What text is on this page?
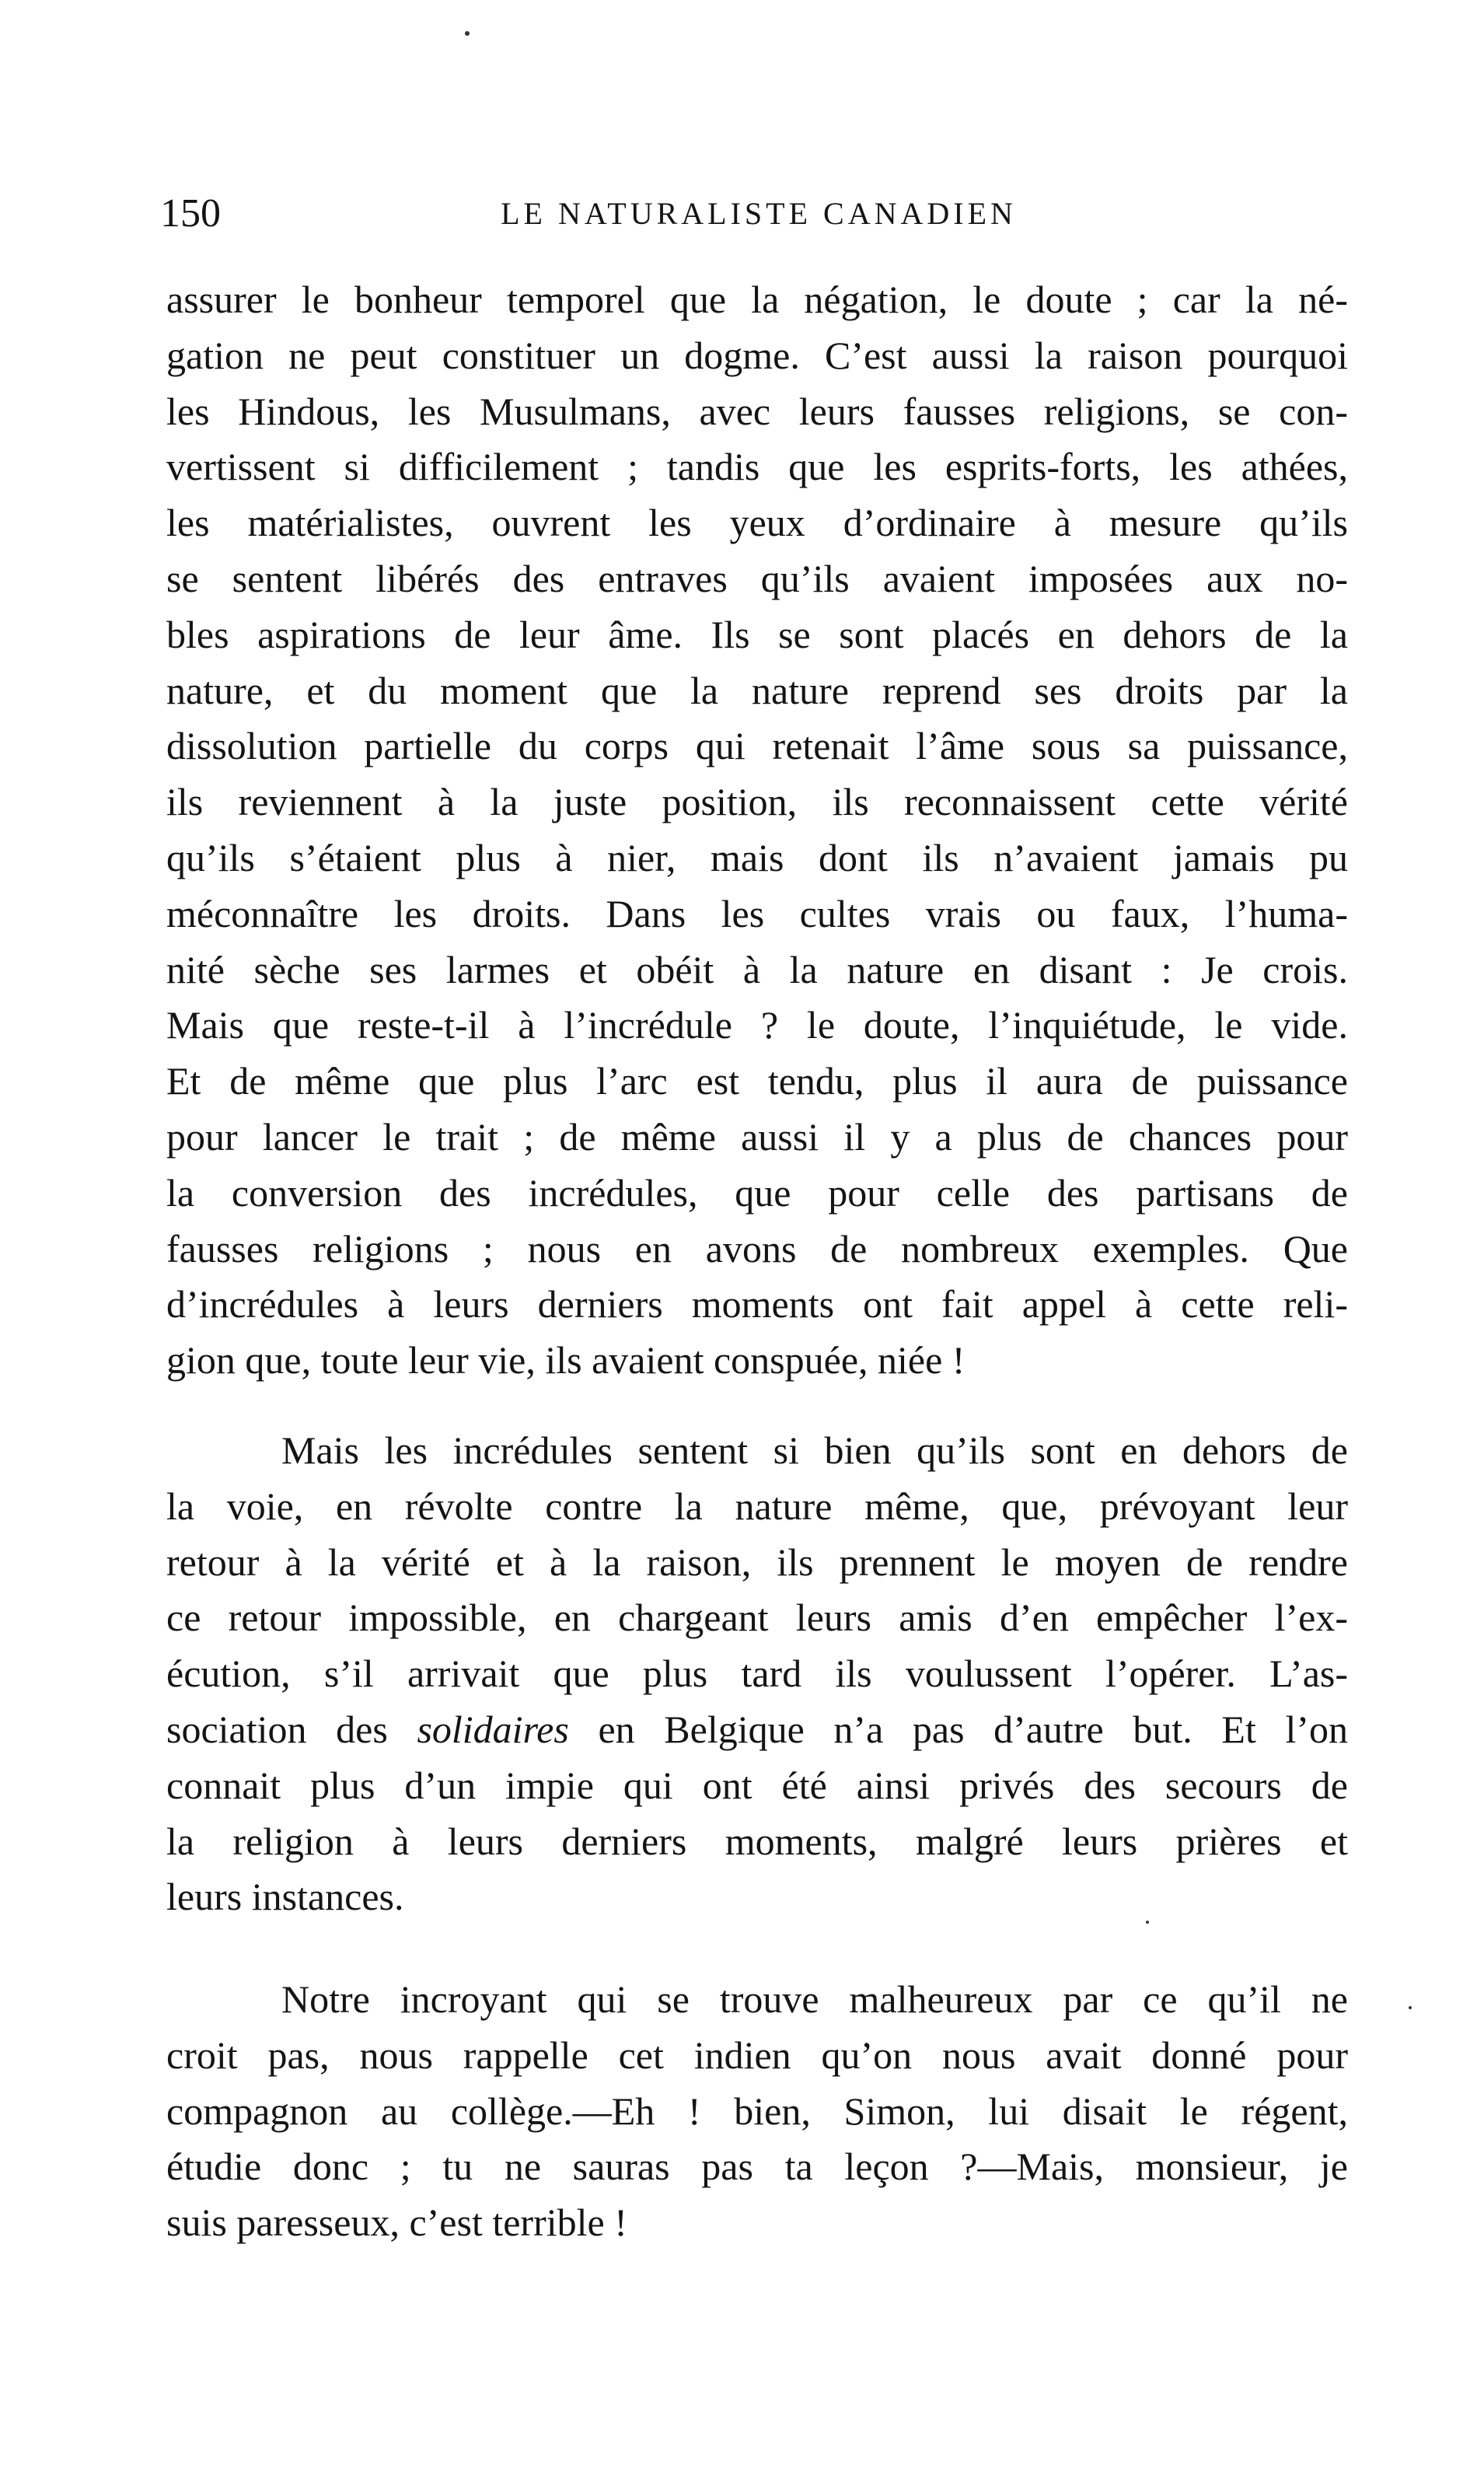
150	LE NATURALISTE CANADIEN
assurer le bonheur temporel que la négation, le doute ; car la né-
gation ne peut constituer un dogme. C’est aussi la raison pourquoi
les Hindous, les Musulmans, avec leurs fausses religions, se con-
vertissent si difficilement ; tandis que les esprits-forts, les athées,
les matérialistes, ouvrent les yeux d’ordinaire à mesure qu’ils
se sentent libérés des entraves qu’ils avaient imposées aux no-
bles aspirations de leur âme. Ils se sont placés en dehors de la
nature, et du moment que la nature reprend ses droits par la
dissolution partielle du corps qui retenait l’âme sous sa puissance,
ils reviennent à la juste position, ils reconnaissent cette vérité
qu’ils s’étaient plus à nier, mais dont ils n’avaient jamais pu
méconnaître les droits. Dans les cultes vrais ou faux, l’huma-
nité sèche ses larmes et obéit à la nature en disant : Je crois.
Mais que reste-t-il à l’incrédule ? le doute, l’inquiétude, le vide.
Et de même que plus l’arc est tendu, plus il aura de puissance
pour lancer le trait ; de même aussi il y a plus de chances pour
la conversion des incrédules, que pour celle des partisans de
fausses religions ; nous en avons de nombreux exemples. Que
d’incrédules à leurs derniers moments ont fait appel à cette reli-
gion que, toute leur vie, ils avaient conspuée, niée !
Mais les incrédules sentent si bien qu’ils sont en dehors de
la voie, en révolte contre la nature même, que, prévoyant leur
retour à la vérité et à la raison, ils prennent le moyen de rendre
ce retour impossible, en chargeant leurs amis d’en empêcher l’ex-
écution, s’il arrivait que plus tard ils voulussent l’opérer. L’as-
sociation des solidaires en Belgique n’a pas d’autre but. Et l’on
connait plus d’un impie qui ont été ainsi privés des secours de
la religion à leurs derniers moments, malgré leurs prières et
leurs instances.
Notre incroyant qui se trouve malheureux par ce qu’il ne
croit pas, nous rappelle cet indien qu’on nous avait donné pour
compagnon au collège.—Eh ! bien, Simon, lui disait le régent,
étudie donc ; tu ne sauras pas ta leçon ?—Mais, monsieur, je
suis paresseux, c’est terrible !
